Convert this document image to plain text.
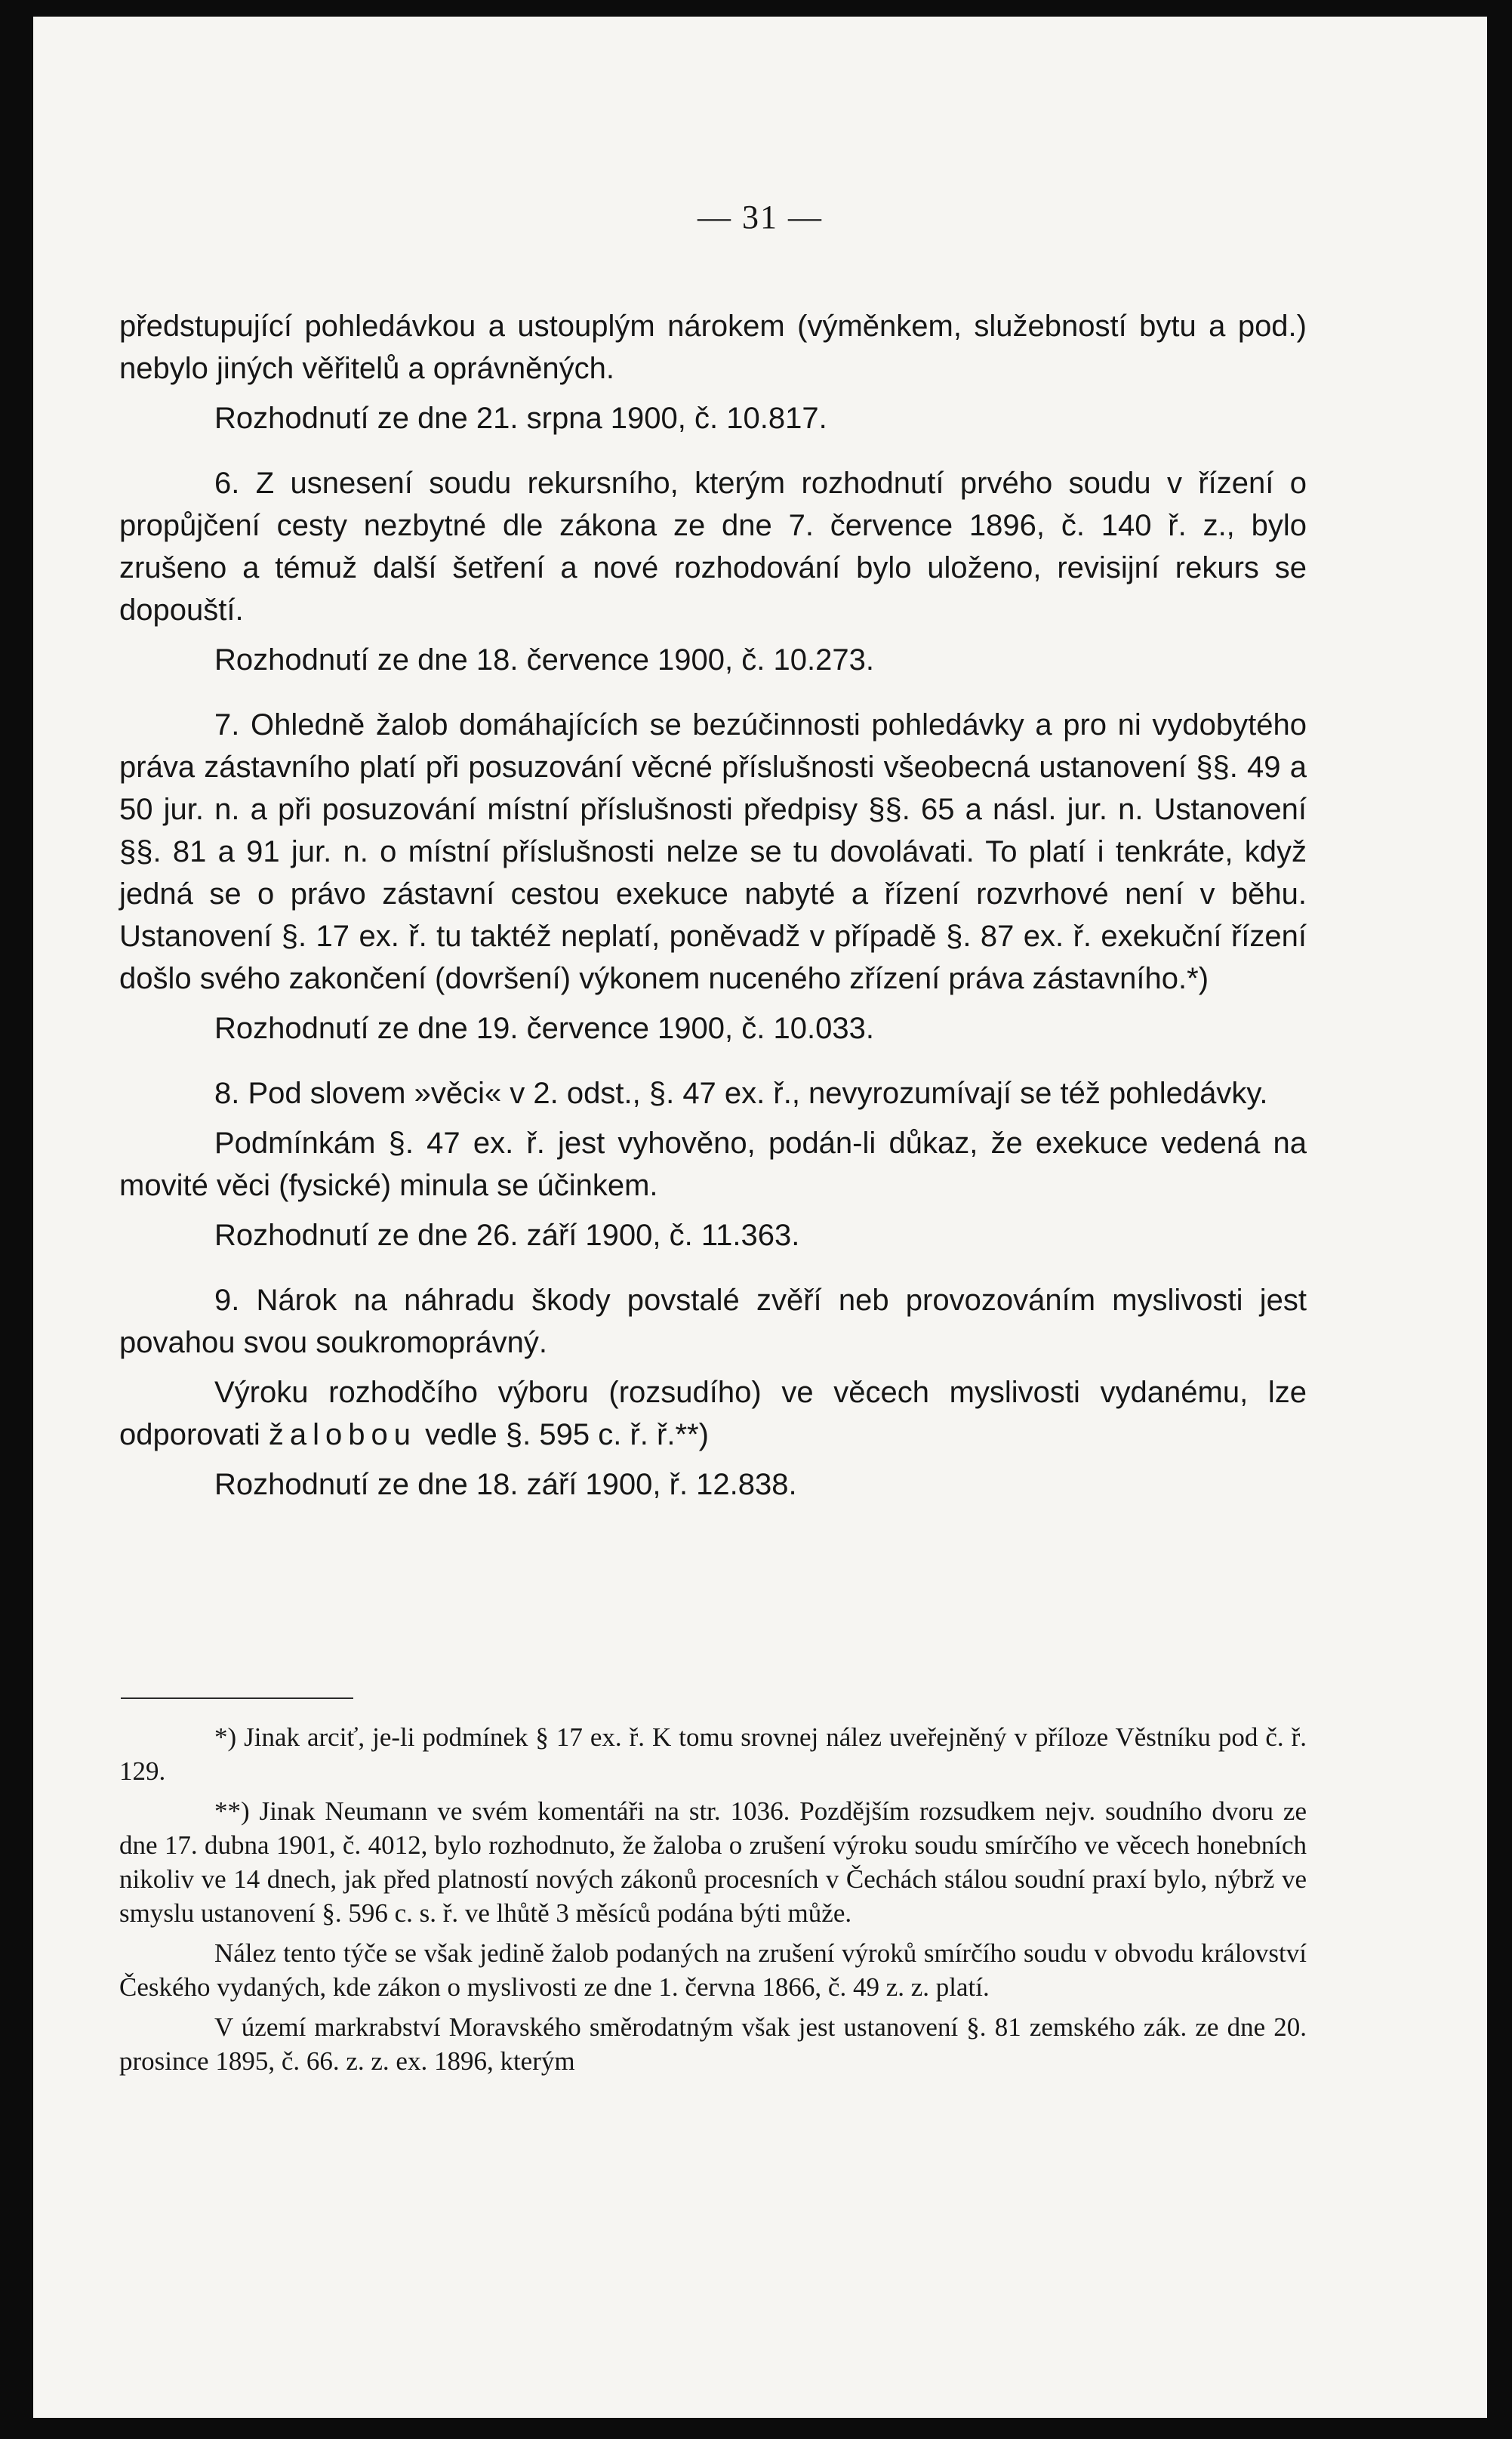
— 31 —

předstupující pohledávkou a ustouplým nárokem (výměnkem, služebností bytu a pod.) nebylo jiných věřitelů a oprávněných.

Rozhodnutí ze dne 21. srpna 1900, č. 10.817.

6. Z usnesení soudu rekursního, kterým rozhodnutí prvého soudu v řízení o propůjčení cesty nezbytné dle zákona ze dne 7. července 1896, č. 140 ř. z., bylo zrušeno a témuž další šetření a nové rozhodování bylo uloženo, revisijní rekurs se dopouští.

Rozhodnutí ze dne 18. července 1900, č. 10.273.

7. Ohledně žalob domáhajících se bezúčinnosti pohledávky a pro ni vydobytého práva zástavního platí při posuzování věcné příslušnosti všeobecná ustanovení §§. 49 a 50 jur. n. a při posuzování místní příslušnosti předpisy §§. 65 a násl. jur. n. Ustanovení §§. 81 a 91 jur. n. o místní příslušnosti nelze se tu dovolávati. To platí i tenkráte, když jedná se o právo zástavní cestou exekuce nabyté a řízení rozvrhové není v běhu. Ustanovení §. 17 ex. ř. tu taktéž neplatí, poněvadž v případě §. 87 ex. ř. exekuční řízení došlo svého zakončení (dovršení) výkonem nuceného zřízení práva zástavního.*)

Rozhodnutí ze dne 19. července 1900, č. 10.033.

8. Pod slovem »věci« v 2. odst., §. 47 ex. ř., nevyrozumívají se též pohledávky.

Podmínkám §. 47 ex. ř. jest vyhověno, podán-li důkaz, že exekuce vedená na movité věci (fysické) minula se účinkem.

Rozhodnutí ze dne 26. září 1900, č. 11.363.

9. Nárok na náhradu škody povstalé zvěří neb provozováním myslivosti jest povahou svou soukromoprávný.

Výroku rozhodčího výboru (rozsudího) ve věcech myslivosti vydanému, lze odporovati žalobou vedle §. 595 c. ř. ř.**)

Rozhodnutí ze dne 18. září 1900, ř. 12.838.

*) Jinak arciť, je-li podmínek § 17 ex. ř. K tomu srovnej nález uveřejněný v příloze Věstníku pod č. ř. 129.

**) Jinak Neumann ve svém komentáři na str. 1036. Pozdějším rozsudkem nejv. soudního dvoru ze dne 17. dubna 1901, č. 4012, bylo rozhodnuto, že žaloba o zrušení výroku soudu smírčího ve věcech honebních nikoliv ve 14 dnech, jak před platností nových zákonů procesních v Čechách stálou soudní praxí bylo, nýbrž ve smyslu ustanovení §. 596 c. s. ř. ve lhůtě 3 měsíců podána býti může.

Nález tento týče se však jedině žalob podaných na zrušení výroků smírčího soudu v obvodu království Českého vydaných, kde zákon o myslivosti ze dne 1. června 1866, č. 49 z. z. platí.

V území markrabství Moravského směrodatným však jest ustanovení §. 81 zemského zák. ze dne 20. prosince 1895, č. 66. z. z. ex. 1896, kterým
